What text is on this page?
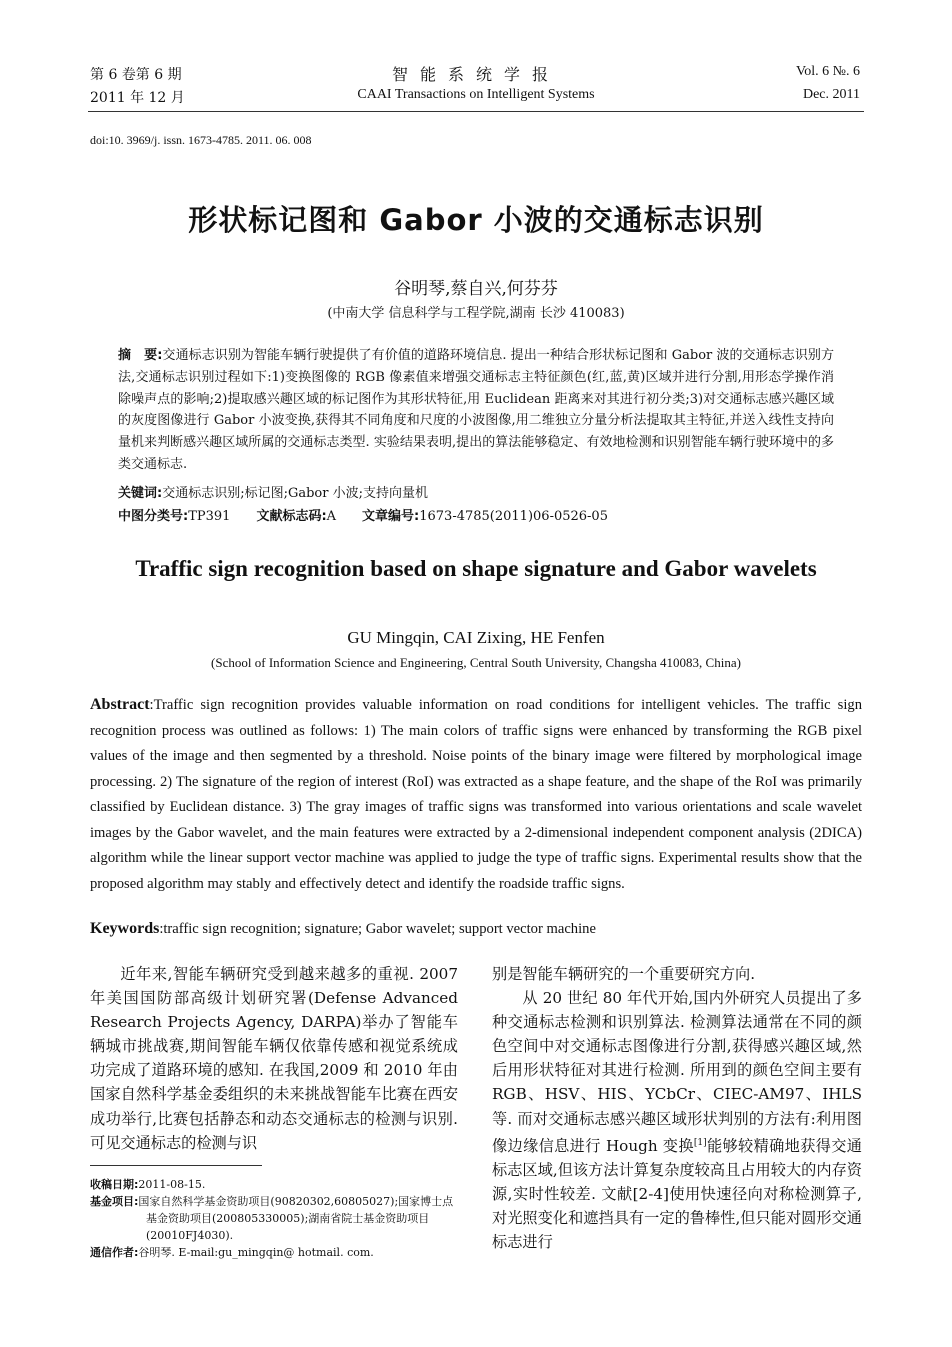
第 6 卷第 6 期
2011 年 12 月
智能系统学报
CAAI Transactions on Intelligent Systems
Vol. 6 №. 6
Dec. 2011
doi:10. 3969/j. issn. 1673-4785. 2011. 06. 008
形状标记图和 Gabor 小波的交通标志识别
谷明琴,蔡自兴,何芬芬
(中南大学 信息科学与工程学院,湖南 长沙 410083)
摘　要:交通标志识别为智能车辆行驶提供了有价值的道路环境信息. 提出一种结合形状标记图和 Gabor 波的交通标志识别方法,交通标志识别过程如下:1)变换图像的 RGB 像素值来增强交通标志主特征颜色(红,蓝,黄)区域并进行分割,用形态学操作消除噪声点的影响;2)提取感兴趣区域的标记图作为其形状特征,用 Euclidean 距离来对其进行初分类;3)对交通标志感兴趣区域的灰度图像进行 Gabor 小波变换,获得其不同角度和尺度的小波图像,用二维独立分量分析法提取其主特征,并送入线性支持向量机来判断感兴趣区域所属的交通标志类型. 实验结果表明,提出的算法能够稳定、有效地检测和识别智能车辆行驶环境中的多类交通标志.
关键词:交通标志识别;标记图;Gabor 小波;支持向量机
中图分类号:TP391 文献标志码:A 文章编号:1673-4785(2011)06-0526-05
Traffic sign recognition based on shape signature and Gabor wavelets
GU Mingqin, CAI Zixing, HE Fenfen
(School of Information Science and Engineering, Central South University, Changsha 410083, China)
Abstract:Traffic sign recognition provides valuable information on road conditions for intelligent vehicles. The traffic sign recognition process was outlined as follows: 1) The main colors of traffic signs were enhanced by transforming the RGB pixel values of the image and then segmented by a threshold. Noise points of the binary image were filtered by morphological image processing. 2) The signature of the region of interest (RoI) was extracted as a shape feature, and the shape of the RoI was primarily classified by Euclidean distance. 3) The gray images of traffic signs was transformed into various orientations and scale wavelet images by the Gabor wavelet, and the main features were extracted by a 2-dimensional independent component analysis (2DICA) algorithm while the linear support vector machine was applied to judge the type of traffic signs. Experimental results show that the proposed algorithm may stably and effectively detect and identify the roadside traffic signs.
Keywords:traffic sign recognition; signature; Gabor wavelet; support vector machine

近年来,智能车辆研究受到越来越多的重视. 2007 年美国国防部高级计划研究署(Defense Advanced Research Projects Agency, DARPA)举办了智能车辆城市挑战赛,期间智能车辆仅依靠传感和视觉系统成功完成了道路环境的感知. 在我国,2009 和 2010 年由国家自然科学基金委组织的未来挑战智能车比赛在西安成功举行,比赛包括静态和动态交通标志的检测与识别. 可见交通标志的检测与识

别是智能车辆研究的一个重要研究方向.

从 20 世纪 80 年代开始,国内外研究人员提出了多种交通标志检测和识别算法. 检测算法通常在不同的颜色空间中对交通标志图像进行分割,获得感兴趣区域,然后用形状特征对其进行检测. 所用到的颜色空间主要有 RGB、HSV、HIS、YCbCr、CIEC-AM97、IHLS 等. 而对交通标志感兴趣区域形状判别的方法有:利用图像边缘信息进行 Hough 变换[1]能够较精确地获得交通标志区域,但该方法计算复杂度较高且占用较大的内存资源,实时性较差. 文献[2-4]使用快速径向对称检测算子,对光照变化和遮挡具有一定的鲁棒性,但只能对圆形交通标志进行

收稿日期:2011-08-15.
基金项目:国家自然科学基金资助项目(90820302,60805027);国家博士点基金资助项目(200805330005);湖南省院士基金资助项目(20010FJ4030).
通信作者:谷明琴. E-mail:gu_mingqin@ hotmail. com.
